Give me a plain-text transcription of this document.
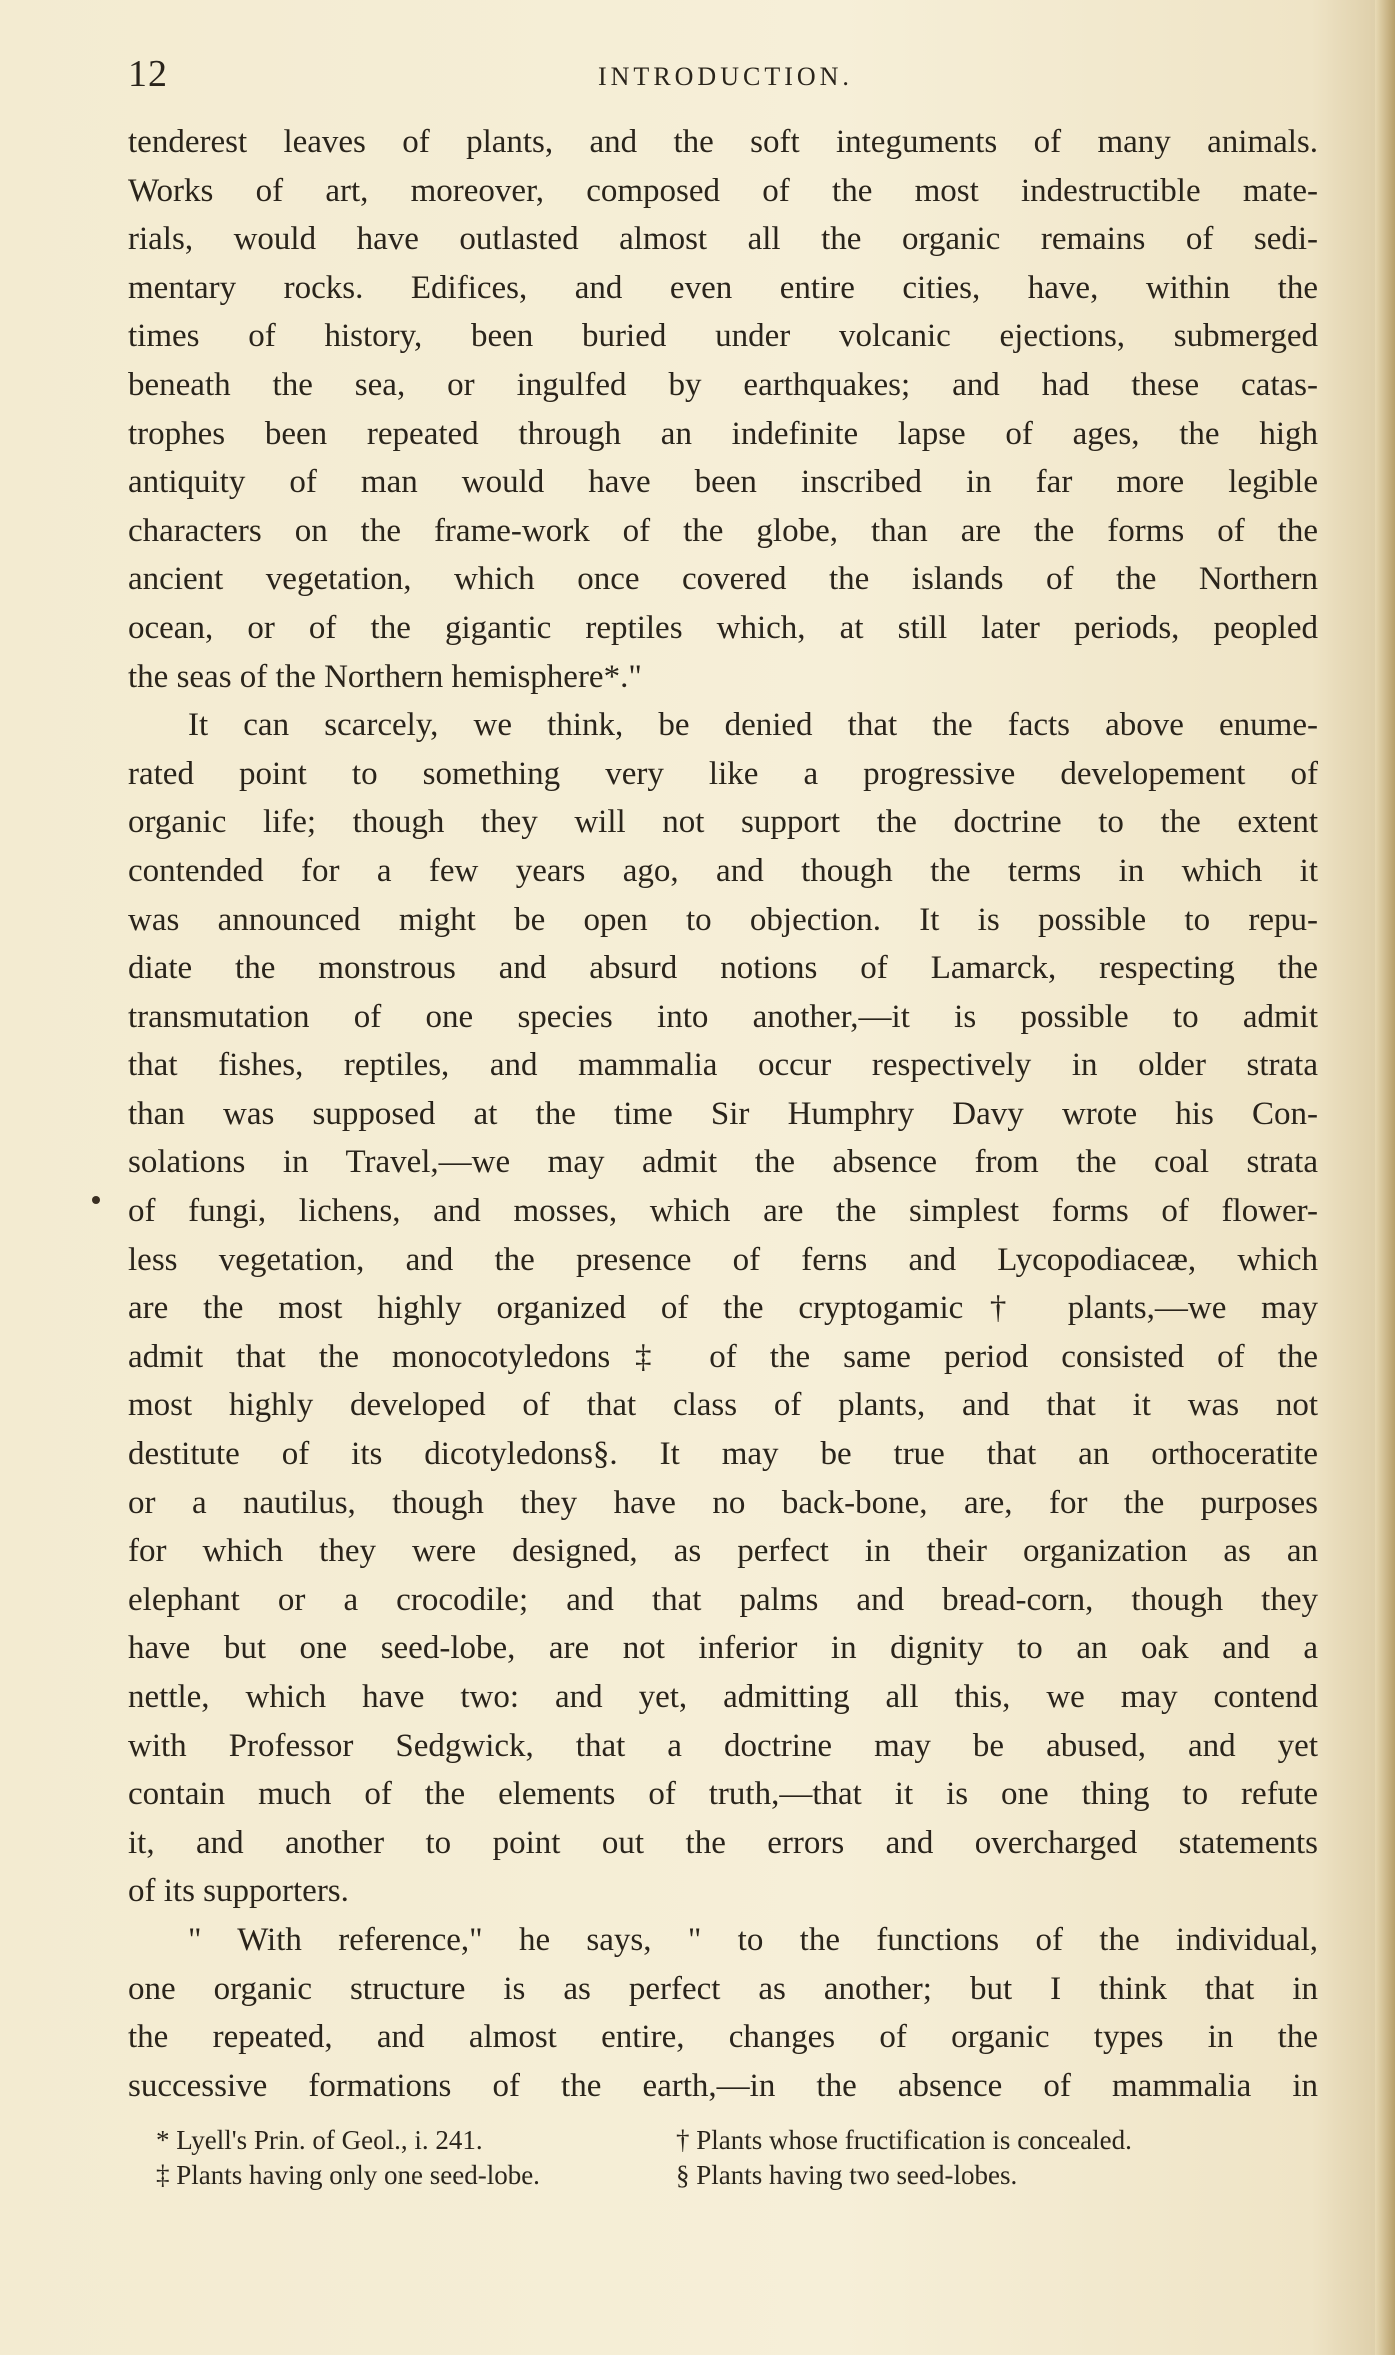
12	INTRODUCTION.
tenderest leaves of plants, and the soft integuments of many animals.
Works of art, moreover, composed of the most indestructible mate-
rials, would have outlasted almost all the organic remains of sedi-
mentary rocks. Edifices, and even entire cities, have, within the
times of history, been buried under volcanic ejections, submerged
beneath the sea, or ingulfed by earthquakes; and had these catas-
trophes been repeated through an indefinite lapse of ages, the high
antiquity of man would have been inscribed in far more legible
characters on the frame-work of the globe, than are the forms of the
ancient vegetation, which once covered the islands of the Northern
ocean, or of the gigantic reptiles which, at still later periods, peopled
the seas of the Northern hemisphere*."
It can scarcely, we think, be denied that the facts above enume-
rated point to something very like a progressive developement of
organic life; though they will not support the doctrine to the extent
contended for a few years ago, and though the terms in which it
was announced might be open to objection. It is possible to repu-
diate the monstrous and absurd notions of Lamarck, respecting the
transmutation of one species into another,—it is possible to admit
that fishes, reptiles, and mammalia occur respectively in older strata
than was supposed at the time Sir Humphry Davy wrote his Con-
solations in Travel,—we may admit the absence from the coal strata
of fungi, lichens, and mosses, which are the simplest forms of flower-
less vegetation, and the presence of ferns and Lycopodiaceæ, which
are the most highly organized of the cryptogamic† plants,—we may
admit that the monocotyledons‡ of the same period consisted of the
most highly developed of that class of plants, and that it was not
destitute of its dicotyledons§. It may be true that an orthoceratite
or a nautilus, though they have no back-bone, are, for the purposes
for which they were designed, as perfect in their organization as an
elephant or a crocodile; and that palms and bread-corn, though they
have but one seed-lobe, are not inferior in dignity to an oak and a
nettle, which have two: and yet, admitting all this, we may contend
with Professor Sedgwick, that a doctrine may be abused, and yet
contain much of the elements of truth,—that it is one thing to refute
it, and another to point out the errors and overcharged statements
of its supporters.
" With reference," he says, " to the functions of the individual,
one organic structure is as perfect as another; but I think that in
the repeated, and almost entire, changes of organic types in the
successive formations of the earth,—in the absence of mammalia in
* Lyell's Prin. of Geol., i. 241.	† Plants whose fructification is concealed.
‡ Plants having only one seed-lobe.	§ Plants having two seed-lobes.
